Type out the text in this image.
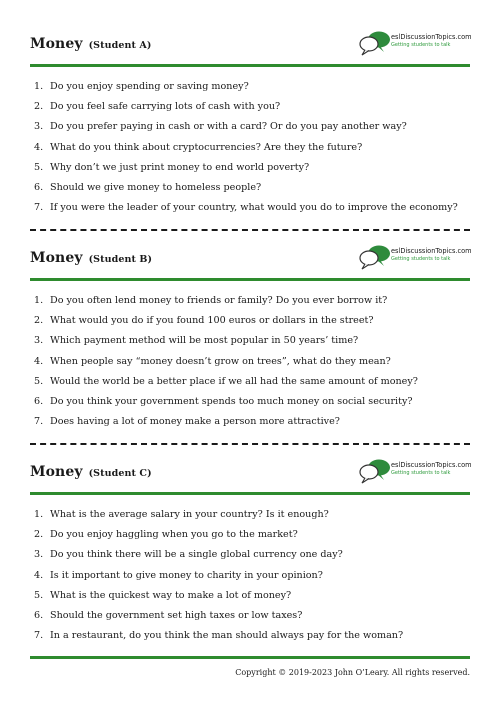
Money (Student A)
eslDiscussionTopics.com
Getting students to talk
1. Do you enjoy spending or saving money?
2. Do you feel safe carrying lots of cash with you?
3. Do you prefer paying in cash or with a card? Or do you pay another way?
4. What do you think about cryptocurrencies? Are they the future?
5. Why don’t we just print money to end world poverty?
6. Should we give money to homeless people?
7. If you were the leader of your country, what would you do to improve the economy?
Money (Student B)
eslDiscussionTopics.com
Getting students to talk
1. Do you often lend money to friends or family? Do you ever borrow it?
2. What would you do if you found 100 euros or dollars in the street?
3. Which payment method will be most popular in 50 years’ time?
4. When people say “money doesn’t grow on trees”, what do they mean?
5. Would the world be a better place if we all had the same amount of money?
6. Do you think your government spends too much money on social security?
7. Does having a lot of money make a person more attractive?
Money (Student C)
eslDiscussionTopics.com
Getting students to talk
1. What is the average salary in your country? Is it enough?
2. Do you enjoy haggling when you go to the market?
3. Do you think there will be a single global currency one day?
4. Is it important to give money to charity in your opinion?
5. What is the quickest way to make a lot of money?
6. Should the government set high taxes or low taxes?
7. In a restaurant, do you think the man should always pay for the woman?
Copyright © 2019-2023 John O’Leary. All rights reserved.
